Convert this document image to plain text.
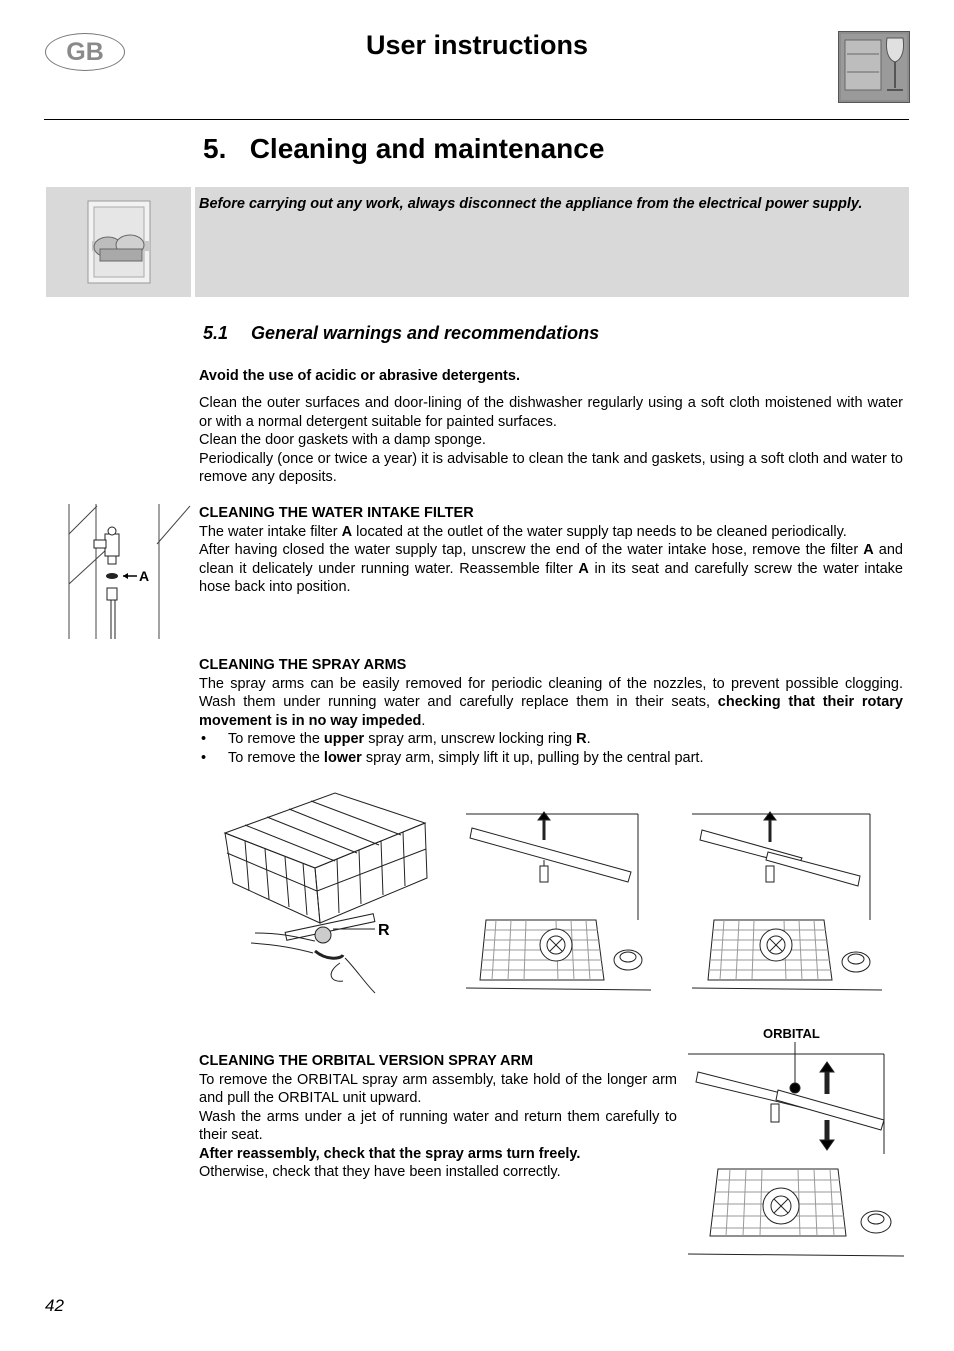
GB	User instructions
5.   Cleaning and maintenance
Before carrying out any work, always disconnect the appliance from the electrical power supply.
5.1 General warnings and recommendations
Avoid the use of acidic or abrasive detergents.
Clean the outer surfaces and door-lining of the dishwasher regularly using a soft cloth moistened with water or with a normal detergent suitable for painted surfaces.
Clean the door gaskets with a damp sponge.
Periodically (once or twice a year) it is advisable to clean the tank and gaskets, using a soft cloth and water to remove any deposits.
A
CLEANING THE WATER INTAKE FILTER
The water intake filter A located at the outlet of the water supply tap needs to be cleaned periodically.
After having closed the water supply tap, unscrew the end of the water intake hose, remove the filter A and clean it delicately under running water. Reassemble filter A in its seat and carefully screw the water intake hose back into position.
CLEANING THE SPRAY ARMS
The spray arms can be easily removed for periodic cleaning of the nozzles, to prevent possible clogging. Wash them under running water and carefully replace them in their seats, checking that their rotary movement is in no way impeded.
• To remove the upper spray arm, unscrew locking ring R.
• To remove the lower spray arm, simply lift it up, pulling by the central part.
R
CLEANING THE ORBITAL VERSION SPRAY ARM
To remove the ORBITAL spray arm assembly, take hold of the longer arm and pull the ORBITAL unit upward.
Wash the arms under a jet of running water and return them carefully to their seat.
After reassembly, check that the spray arms turn freely.
Otherwise, check that they have been installed correctly.
ORBITAL
42
